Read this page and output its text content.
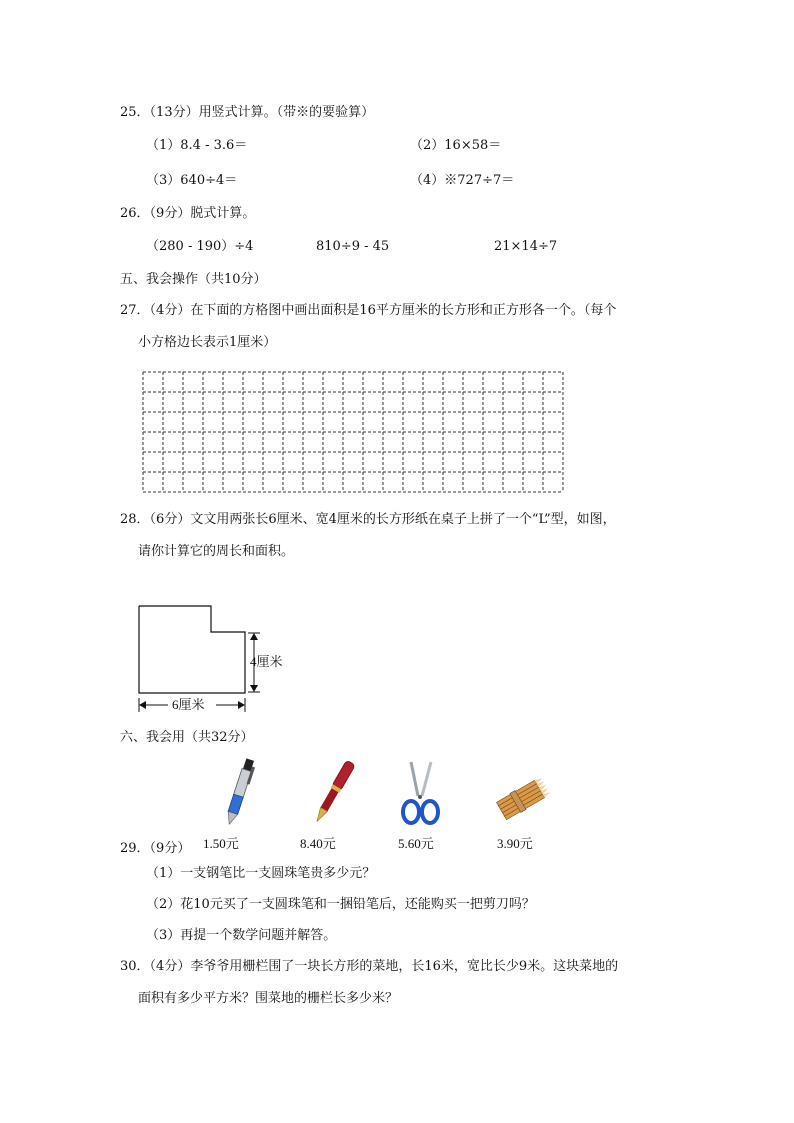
25．（13分）用竖式计算。（带※的要验算）
（1）8.4 - 3.6＝	（2）16×58＝
（3）640÷4＝	（4）※727÷7＝
26．（9分）脱式计算。
（280 - 190）÷4	810÷9 - 45	21×14÷7
五、我会操作（共10分）
27．（4分）在下面的方格图中画出面积是16平方厘米的长方形和正方形各一个。（每个
小方格边长表示1厘米）
28．（6分）文文用两张长6厘米、宽4厘米的长方形纸在桌子上拼了一个“L”型，如图，
请你计算它的周长和面积。
4厘米
6厘米
六、我会用（共32分）
1.50元	8.40元	5.60元	3.90元
29．（9分）
（1）一支钢笔比一支圆珠笔贵多少元？
（2）花10元买了一支圆珠笔和一捆铅笔后，还能购买一把剪刀吗？
（3）再提一个数学问题并解答。
30．（4分）李爷爷用栅栏围了一块长方形的菜地，长16米，宽比长少9米。这块菜地的
面积有多少平方米？围菜地的栅栏长多少米？
